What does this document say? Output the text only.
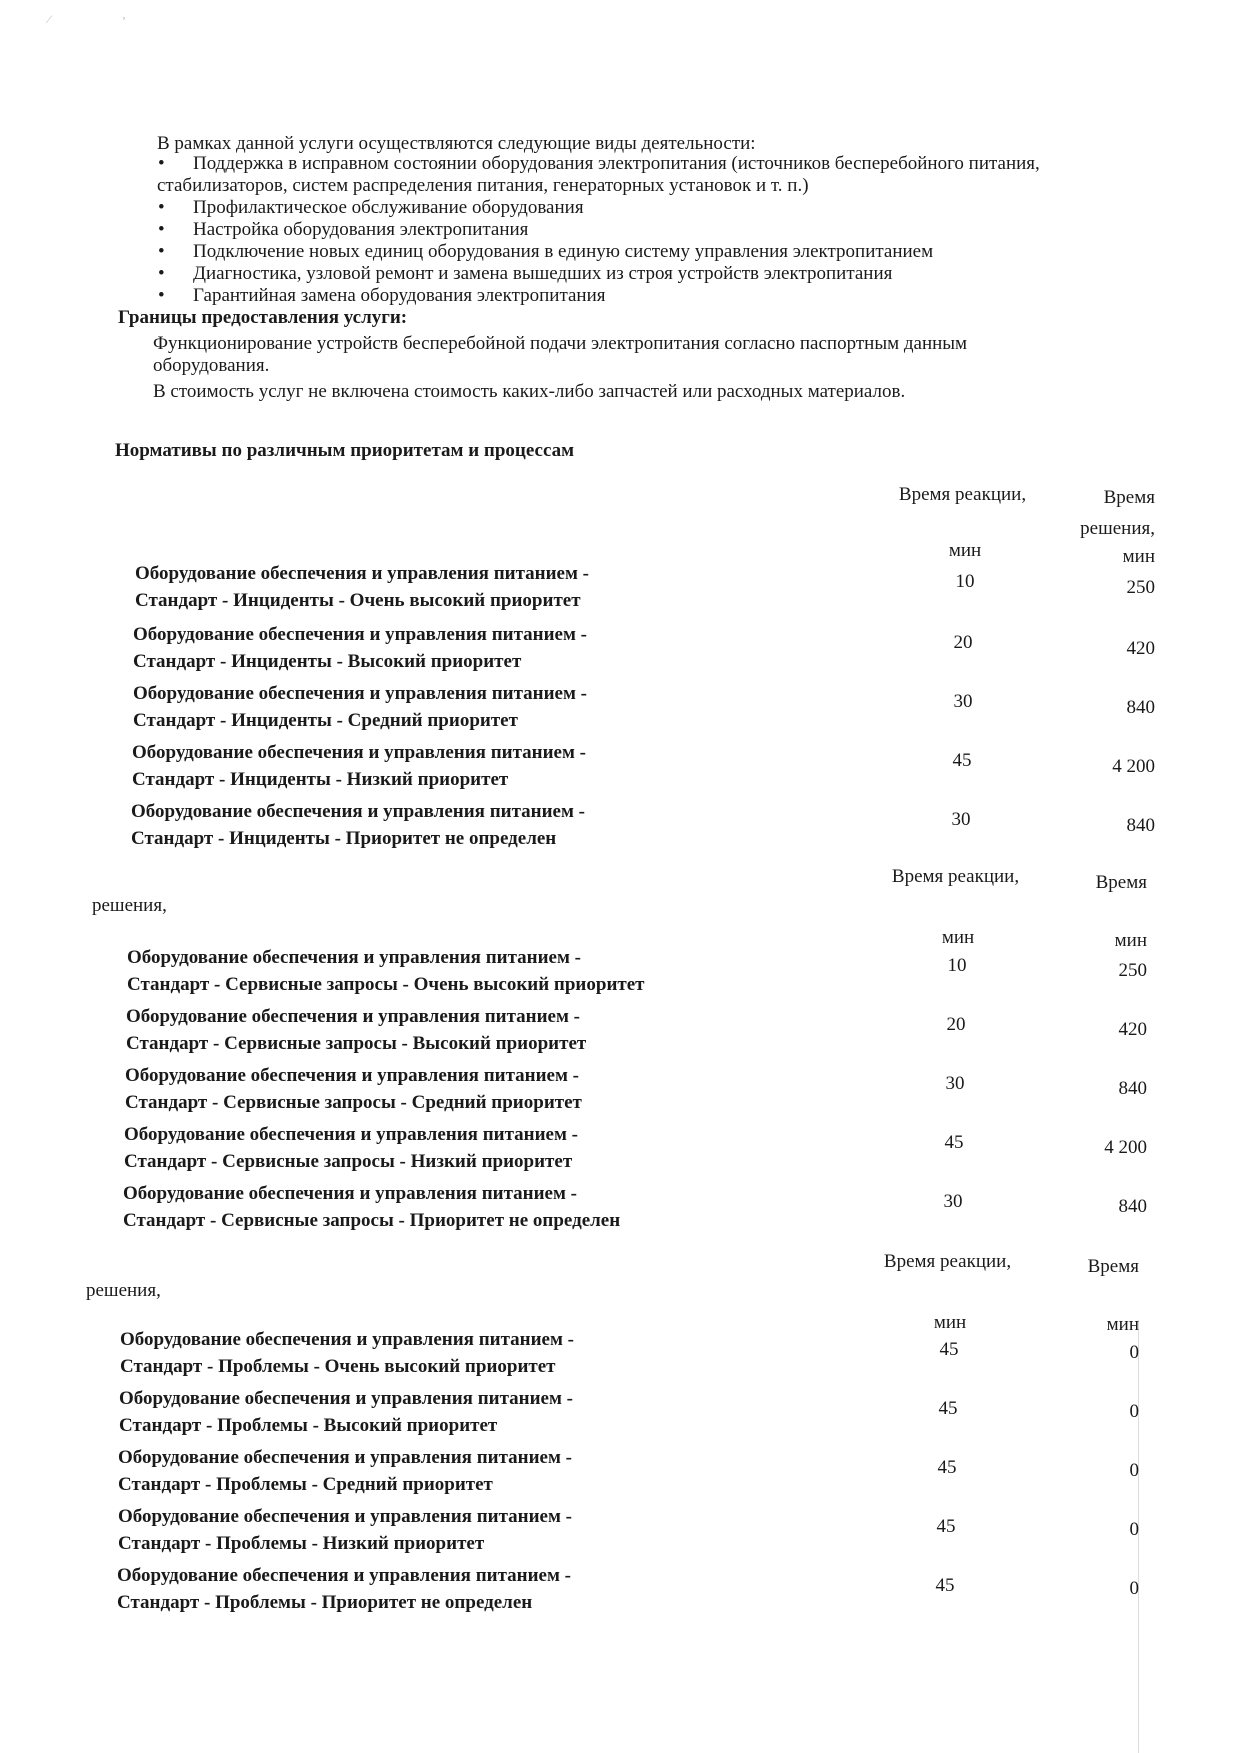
⁄	ʼ
В рамках данной услуги осуществляются следующие виды деятельности:
• Поддержка в исправном состоянии оборудования электропитания (источников бесперебойного питания,
стабилизаторов, систем распределения питания, генераторных установок и т. п.)
• Профилактическое обслуживание оборудования
• Настройка оборудования электропитания
• Подключение новых единиц оборудования в единую систему управления электропитанием
• Диагностика, узловой ремонт и замена вышедших из строя устройств электропитания
• Гарантийная замена оборудования электропитания
Границы предоставления услуги:
Функционирование устройств бесперебойной подачи электропитания согласно паспортным данным
оборудования.
В стоимость услуг не включена стоимость каких-либо запчастей или расходных материалов.
Нормативы по различным приоритетам и процессам
Время реакции,	Время
решения,
мин	мин
Оборудование обеспечения и управления питанием -
Стандарт - Инциденты - Очень высокий приоритет
10	250
Оборудование обеспечения и управления питанием -
Стандарт - Инциденты - Высокий приоритет
20	420
Оборудование обеспечения и управления питанием -
Стандарт - Инциденты - Средний приоритет
30	840
Оборудование обеспечения и управления питанием -
Стандарт - Инциденты - Низкий приоритет
45	4 200
Оборудование обеспечения и управления питанием -
Стандарт - Инциденты - Приоритет не определен
30	840
решения,
Время реакции,	Время
мин	мин
Оборудование обеспечения и управления питанием -
Стандарт - Сервисные запросы - Очень высокий приоритет
10	250
Оборудование обеспечения и управления питанием -
Стандарт - Сервисные запросы - Высокий приоритет
20	420
Оборудование обеспечения и управления питанием -
Стандарт - Сервисные запросы - Средний приоритет
30	840
Оборудование обеспечения и управления питанием -
Стандарт - Сервисные запросы - Низкий приоритет
45	4 200
Оборудование обеспечения и управления питанием -
Стандарт - Сервисные запросы - Приоритет не определен
30	840
решения,
Время реакции,	Время
мин	мин
Оборудование обеспечения и управления питанием -
Стандарт - Проблемы - Очень высокий приоритет
45	0
Оборудование обеспечения и управления питанием -
Стандарт - Проблемы - Высокий приоритет
45	0
Оборудование обеспечения и управления питанием -
Стандарт - Проблемы - Средний приоритет
45	0
Оборудование обеспечения и управления питанием -
Стандарт - Проблемы - Низкий приоритет
45	0
Оборудование обеспечения и управления питанием -
Стандарт - Проблемы - Приоритет не определен
45	0
